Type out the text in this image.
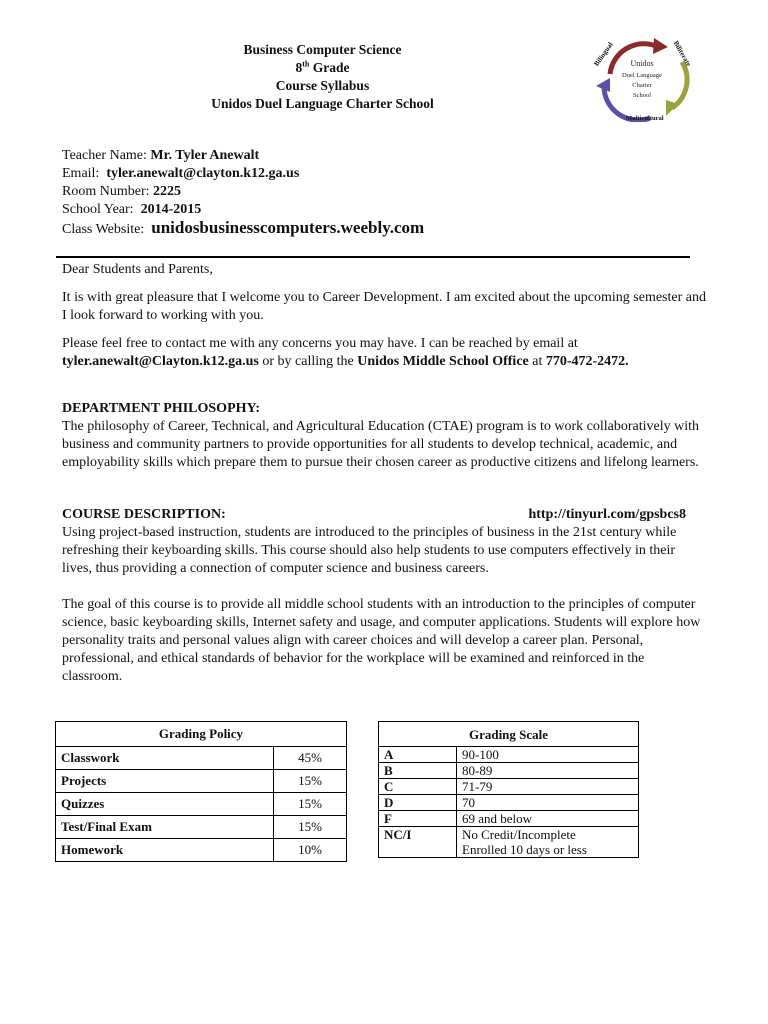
Business Computer Science
8th Grade
Course Syllabus
Unidos Duel Language Charter School
Bilingual	Biliterate
Multicultural
Unidos
Duel Language
Charter
School
Teacher Name: Mr. Tyler Anewalt
Email: tyler.anewalt@clayton.k12.ga.us
Room Number: 2225
School Year: 2014-2015
Class Website: unidosbusinesscomputers.weebly.com

Dear Students and Parents,

It is with great pleasure that I welcome you to Career Development. I am excited about the upcoming semester and I look forward to working with you.

Please feel free to contact me with any concerns you may have. I can be reached by email at
tyler.anewalt@Clayton.k12.ga.us or by calling the Unidos Middle School Office at 770-472-2472.

DEPARTMENT PHILOSOPHY:
The philosophy of Career, Technical, and Agricultural Education (CTAE) program is to work collaboratively with business and community partners to provide opportunities for all students to develop technical, academic, and employability skills which prepare them to pursue their chosen career as productive citizens and lifelong learners.

COURSE DESCRIPTION:	http://tinyurl.com/gpsbcs8

Using project-based instruction, students are introduced to the principles of business in the 21st century while refreshing their keyboarding skills. This course should also help students to use computers effectively in their lives, thus providing a connection of computer science and business careers.

The goal of this course is to provide all middle school students with an introduction to the principles of computer science, basic keyboarding skills, Internet safety and usage, and computer applications. Students will explore how personality traits and personal values align with career choices and will develop a career plan. Personal, professional, and ethical standards of behavior for the workplace will be examined and reinforced in the classroom.

Grading Policy	
Classwork	45%
Projects	15%
Quizzes	15%
Test/Final Exam	15%
Homework	10%
Grading Scale	
A	90-100
B	80-89
C	71-79
D	70
F	69 and below
NC/I	No Credit/Incomplete
Enrolled 10 days or less
